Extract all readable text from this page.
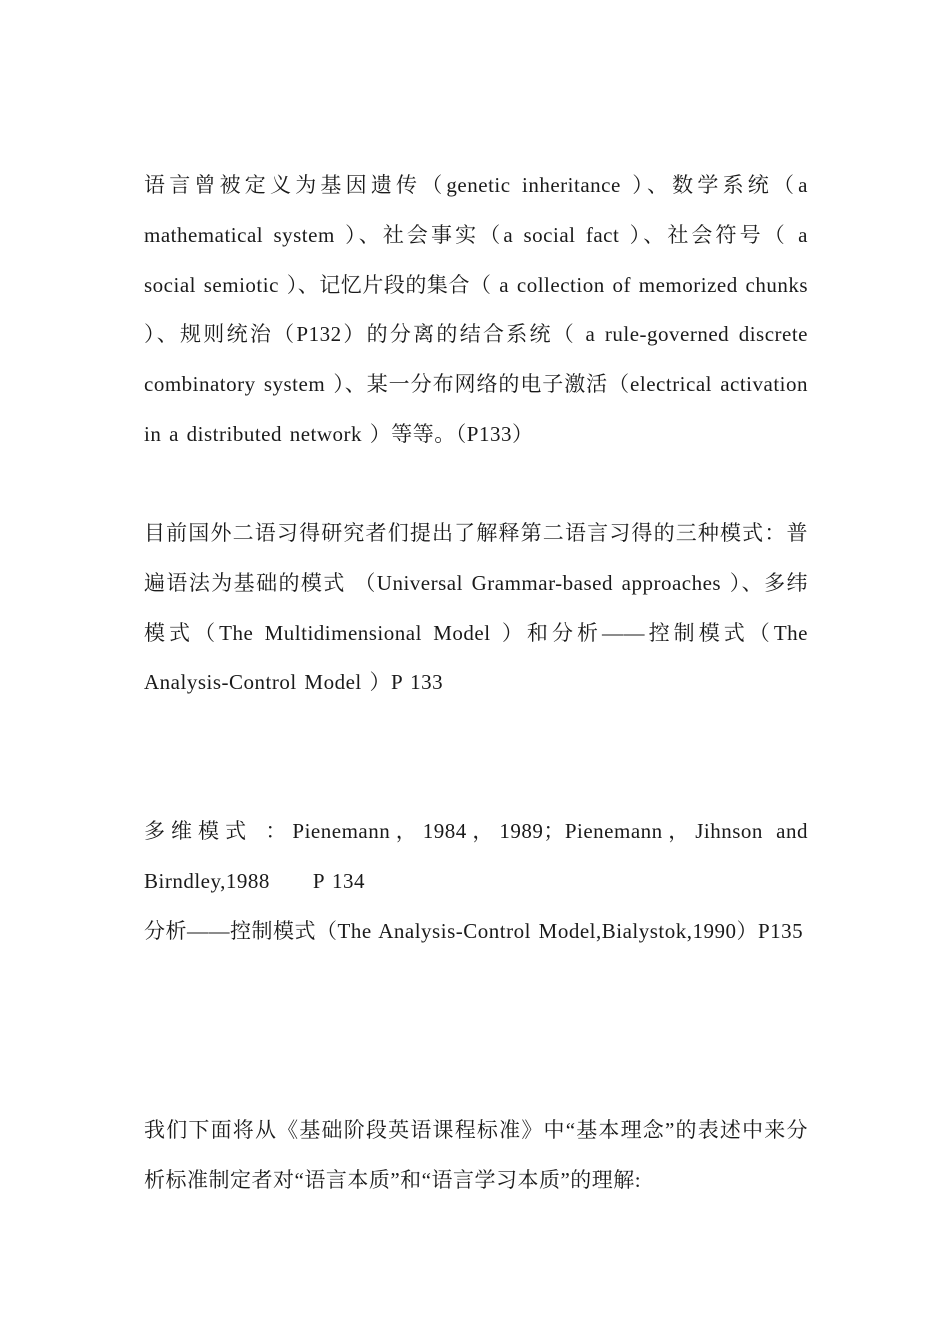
语言曾被定义为基因遗传（genetic inheritance ）、数学系统（a mathematical system ）、社会事实（a social fact ）、社会符号（ a social semiotic ）、记忆片段的集合（ a collection of memorized chunks ）、规则统治（P132）的分离的结合系统（ a rule-governed discrete combinatory system ）、某一分布网络的电子激活（electrical activation in a distributed network ）等等。（P133）

目前国外二语习得研究者们提出了解释第二语言习得的三种模式：普遍语法为基础的模式 （Universal Grammar-based approaches ）、多纬模式（The Multidimensional Model ）和分析——控制模式（The Analysis-Control Model ）P 133

多维模式 ：Pienemann，1984，1989；Pienemann，Jihnson and Birndley,1988　　P 134

分析——控制模式（The Analysis-Control Model,Bialystok,1990）P135

我们下面将从《基础阶段英语课程标准》中“基本理念”的表述中来分析标准制定者对“语言本质”和“语言学习本质”的理解:
